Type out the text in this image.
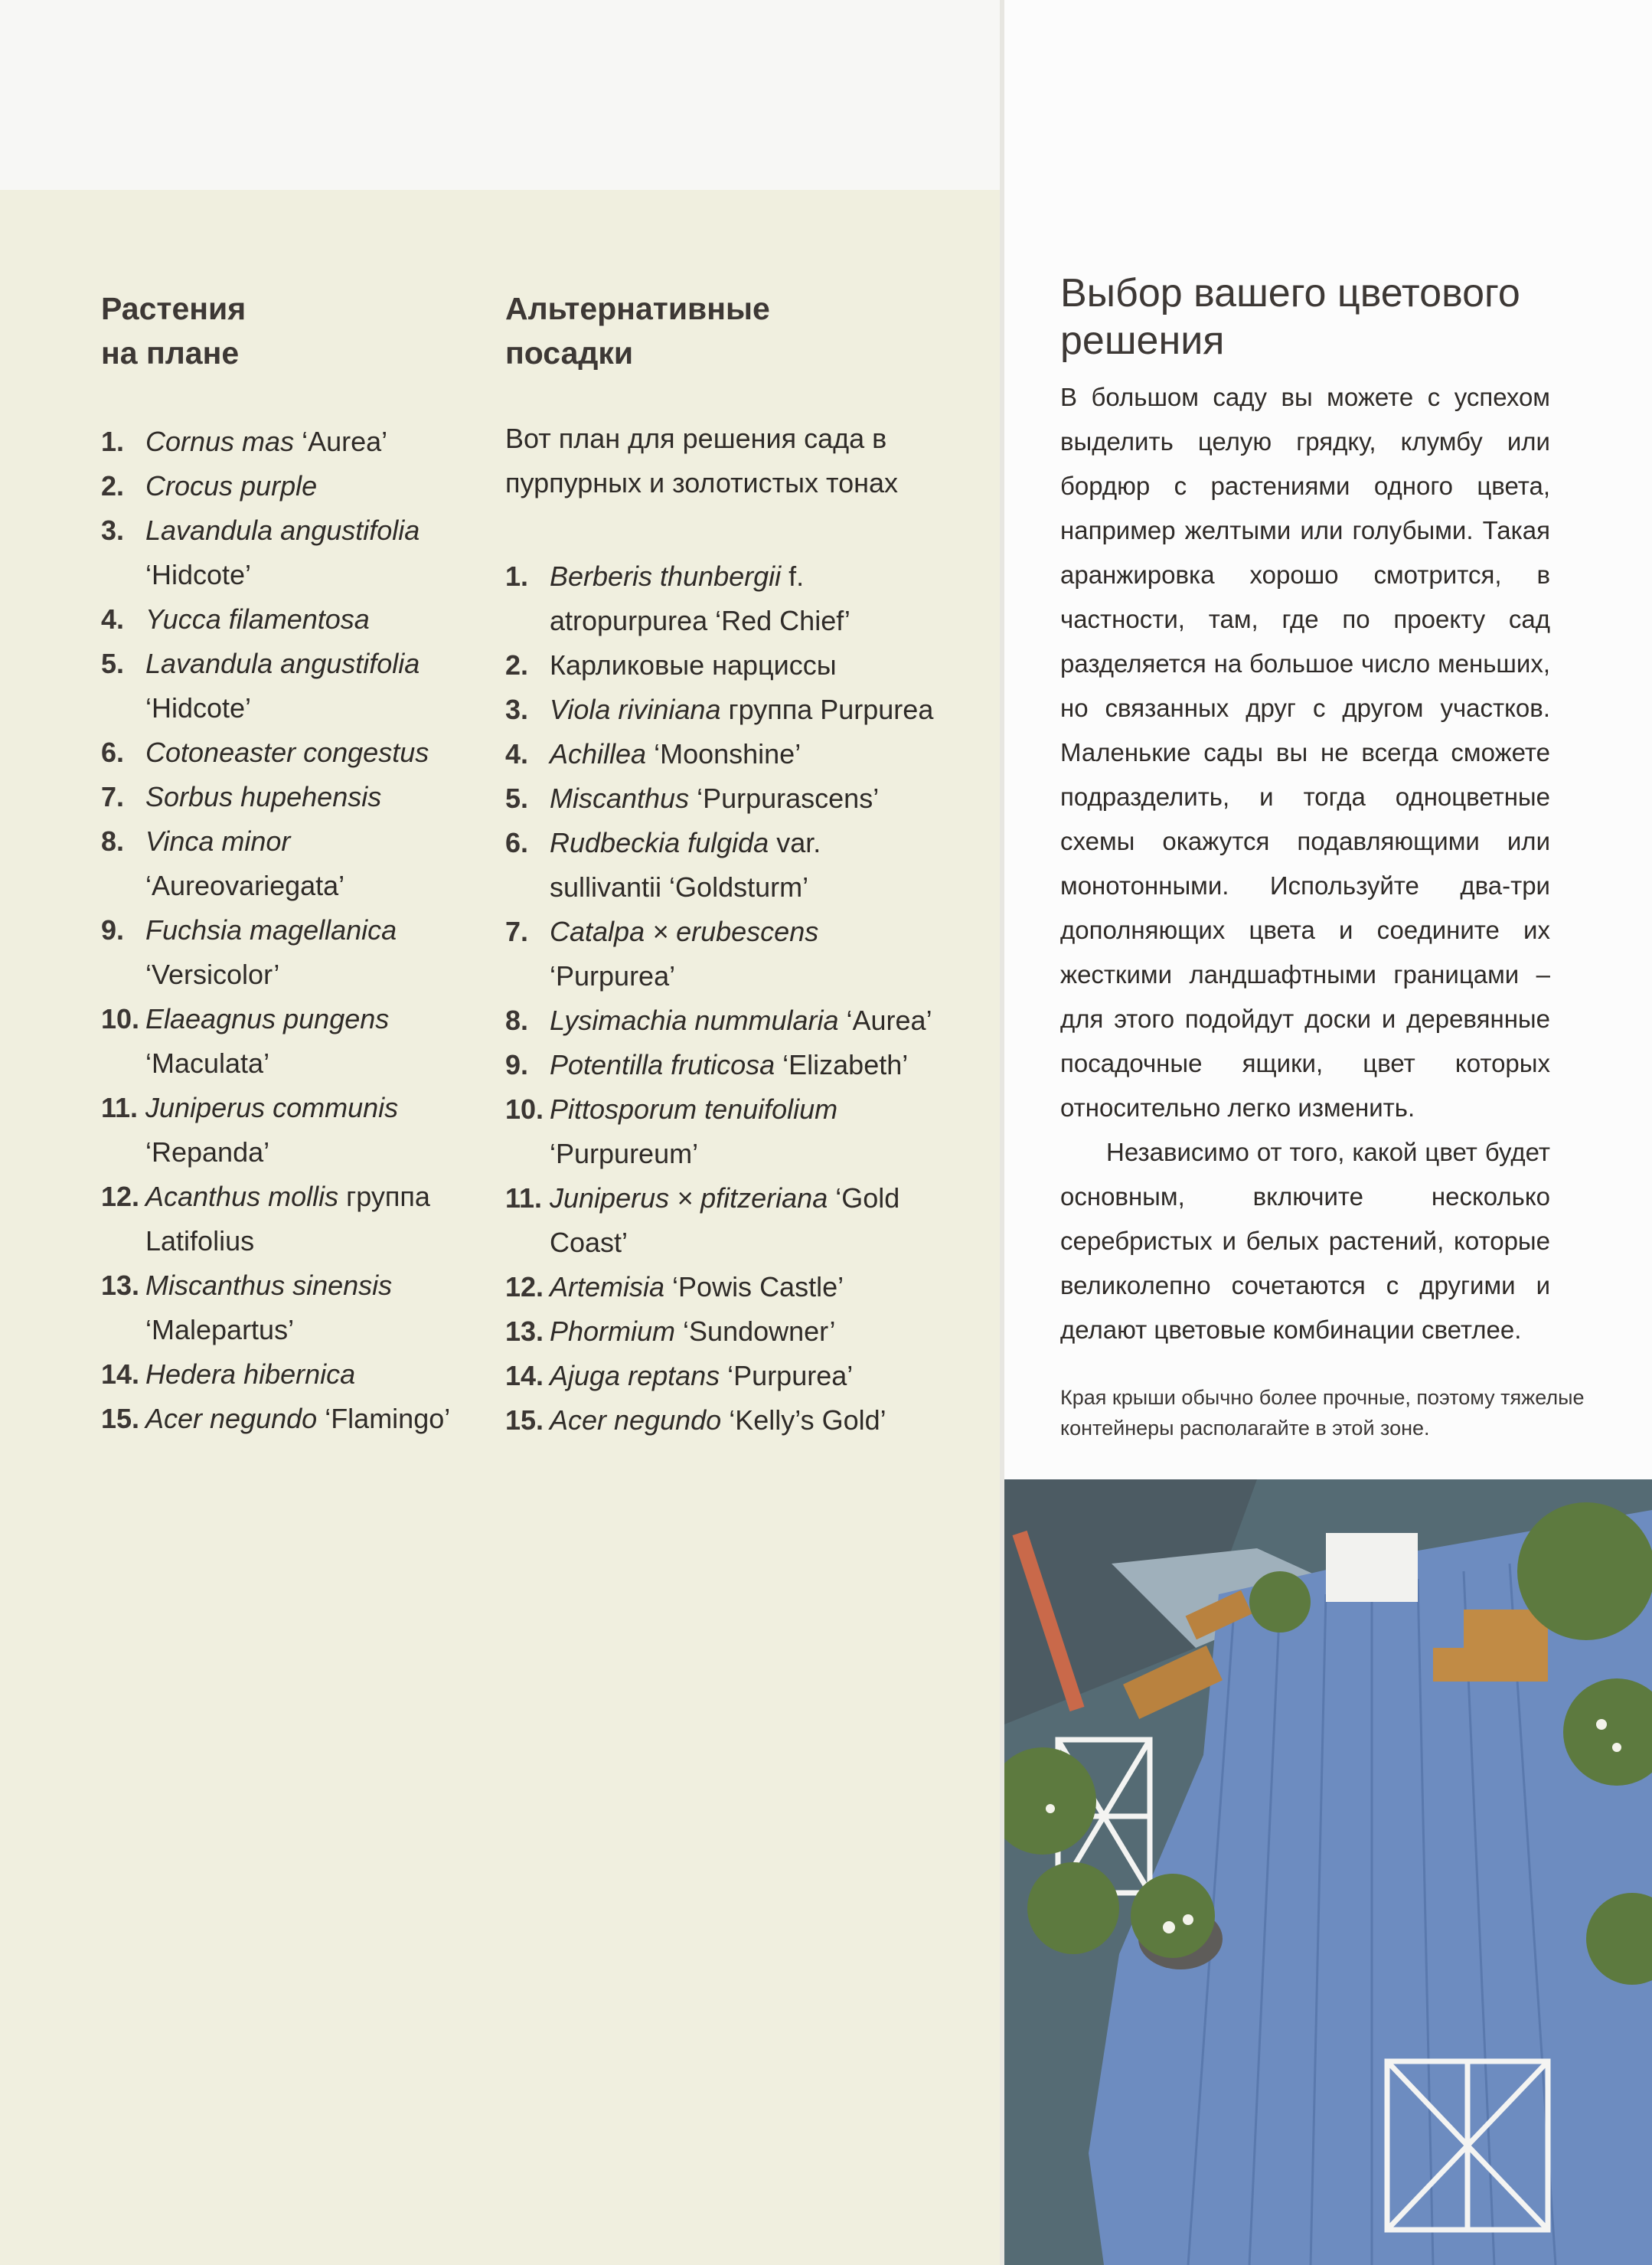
Растения
на плане
1. Cornus mas ‘Aurea’
2. Crocus purple
3. Lavandula angustifolia ‘Hidcote’
4. Yucca filamentosa
5. Lavandula angustifolia ‘Hidcote’
6. Cotoneaster congestus
7. Sorbus hupehensis
8. Vinca minor ‘Aureovariegata’
9. Fuchsia magellanica ‘Versicolor’
10. Elaeagnus pungens ‘Maculata’
11. Juniperus communis ‘Repanda’
12. Acanthus mollis группа Latifolius
13. Miscanthus sinensis ‘Malepartus’
14. Hedera hibernica
15. Acer negundo ‘Flamingo’
Альтернативные
посадки

Вот план для решения сада в пурпурных и золотистых тонах

1. Berberis thunbergii f. atropurpurea ‘Red Chief’
2. Карликовые нарциссы
3. Viola riviniana группа Purpurea
4. Achillea ‘Moonshine’
5. Miscanthus ‘Purpurascens’
6. Rudbeckia fulgida var. sullivantii ‘Goldsturm’
7. Catalpa × erubescens ‘Purpurea’
8. Lysimachia nummularia ‘Aurea’
9. Potentilla fruticosa ‘Elizabeth’
10. Pittosporum tenuifolium ‘Purpureum’
11. Juniperus × pfitzeriana ‘Gold Coast’
12. Artemisia ‘Powis Castle’
13. Phormium ‘Sundowner’
14. Ajuga reptans ‘Purpurea’
15. Acer negundo ‘Kelly’s Gold’
Выбор вашего цветового решения

В большом саду вы можете с успехом выделить целую грядку, клумбу или бордюр с растениями одного цвета, например желтыми или голубыми. Такая аранжировка хорошо смотрится, в частности, там, где по проекту сад разделяется на большое число меньших, но связанных друг с другом участков. Маленькие сады вы не всегда сможете подразделить, и тогда одноцветные схемы окажутся подавляющими или монотонными. Используйте два-три дополняющих цвета и соедините их жесткими ландшафтными границами – для этого подойдут доски и деревянные посадочные ящики, цвет которых относительно легко изменить.

Независимо от того, какой цвет будет основным, включите несколько серебристых и белых растений, которые великолепно сочетаются с другими и делают цветовые комбинации светлее.

Края крыши обычно более прочные, поэтому тяжелые контейнеры располагайте в этой зоне.
